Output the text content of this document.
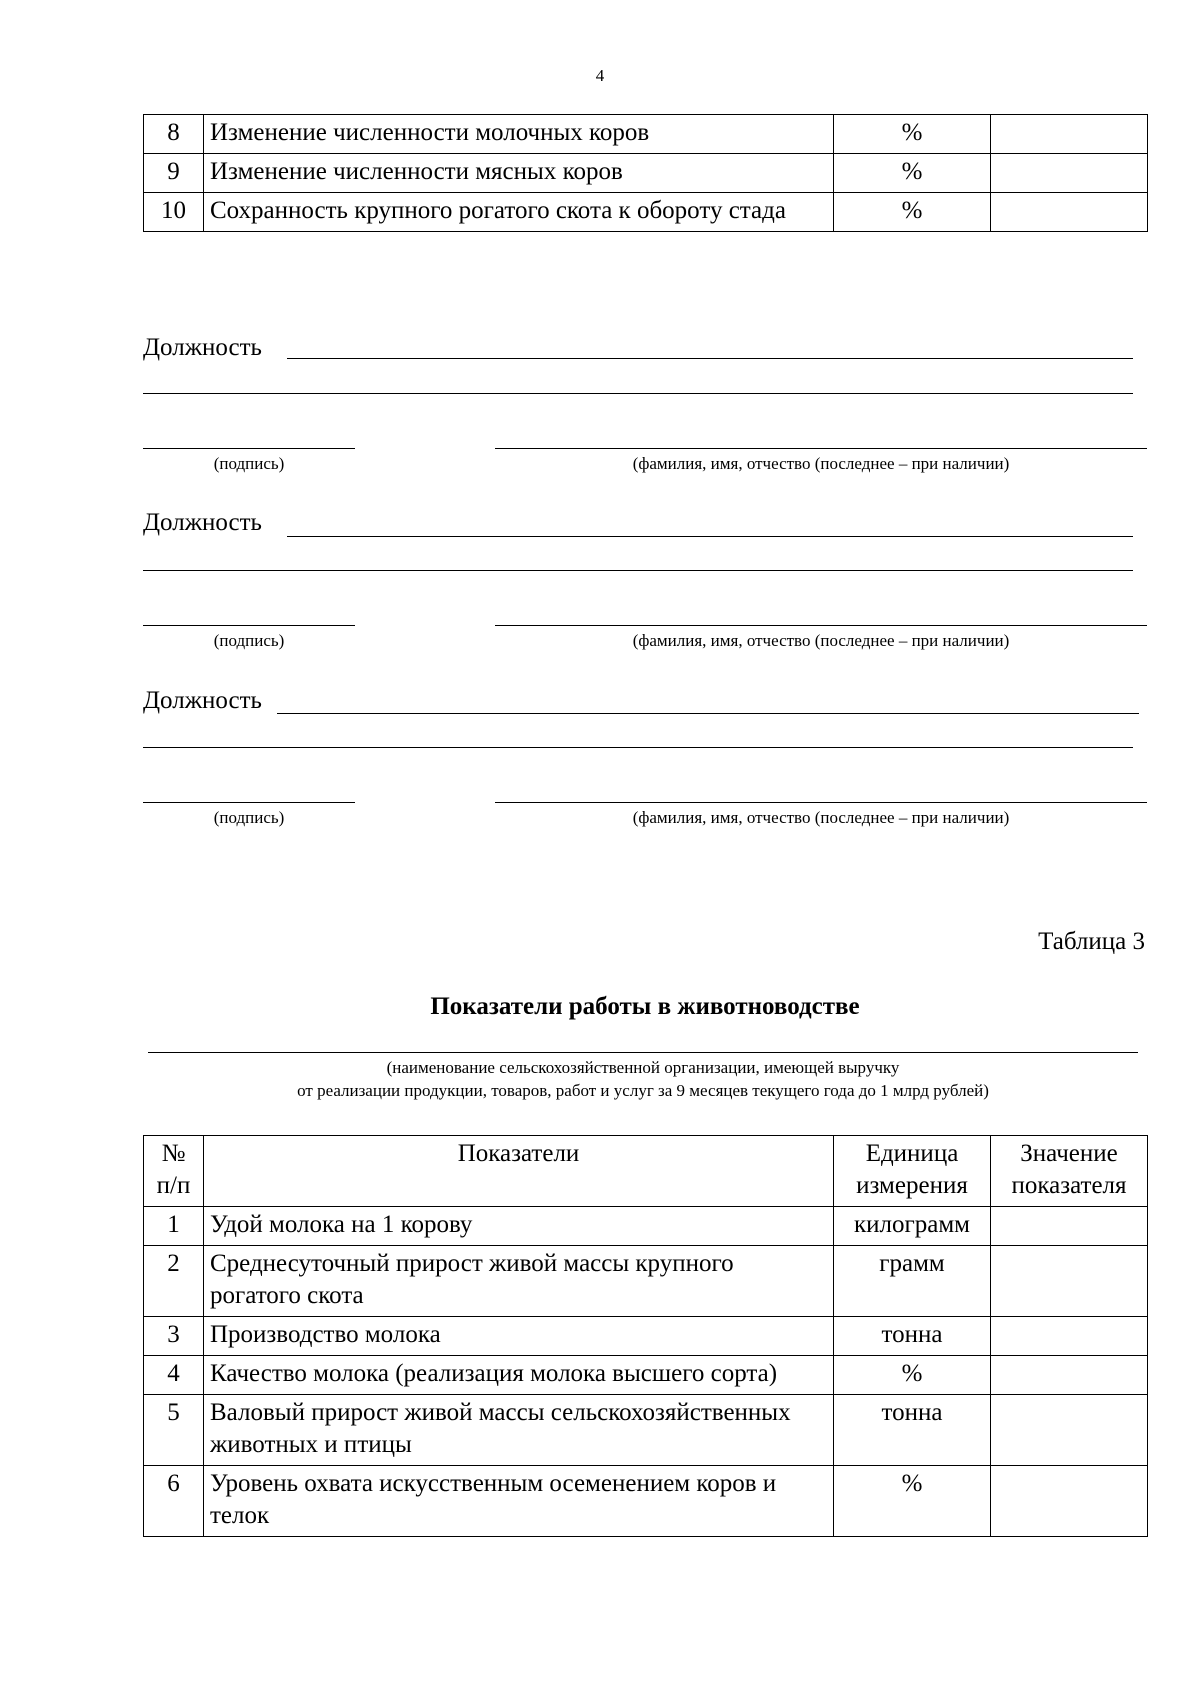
4
8	Изменение численности молочных коров	%	
9	Изменение численности мясных коров	%	
10	Сохранность крупного рогатого скота к обороту стада	%	
Должность
(подпись)	(фамилия, имя, отчество (последнее – при наличии)
Должность
(подпись)	(фамилия, имя, отчество (последнее – при наличии)
Должность
(подпись)	(фамилия, имя, отчество (последнее – при наличии)
Таблица 3
Показатели работы в животноводстве
(наименование сельскохозяйственной организации, имеющей выручку
от реализации продукции, товаров, работ и услуг за 9 месяцев текущего года до 1 млрд рублей)
№
п/п	Показатели	Единица измерения	Значение показателя
1	Удой молока на 1 корову	килограмм	
2	Среднесуточный прирост живой массы крупного рогатого скота	грамм	
3	Производство молока	тонна	
4	Качество молока (реализация молока высшего сорта)	%	
5	Валовый прирост живой массы сельскохозяйственных животных и птицы	тонна	
6	Уровень охвата искусственным осеменением коров и телок	%	
